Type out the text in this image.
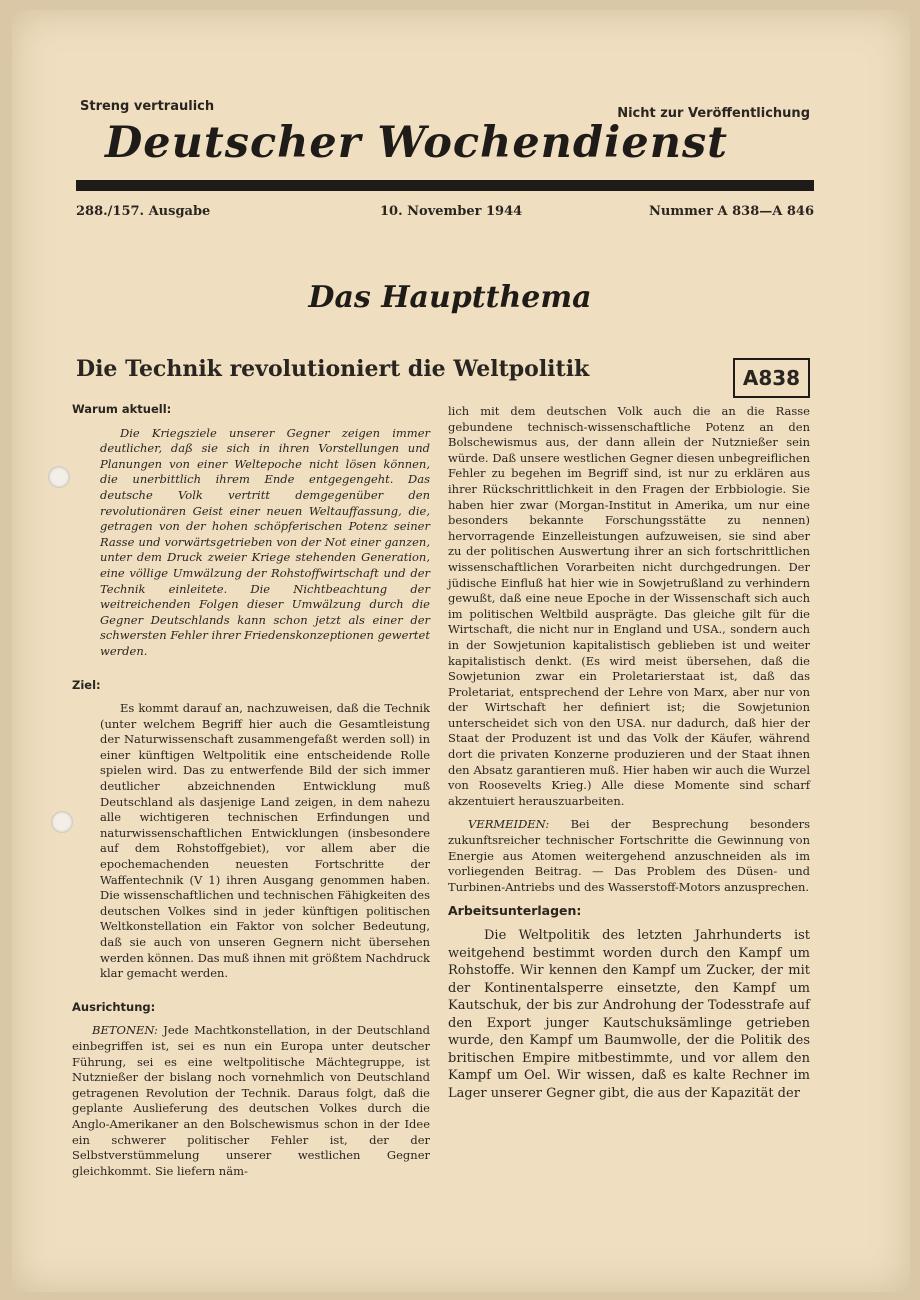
Streng vertraulich	Nicht zur Veröffentlichung
Deutscher Wochendienst
288./157. Ausgabe	10. November 1944	Nummer A 838—A 846
Das Hauptthema
Die Technik revolutioniert die Weltpolitik	A838
Warum aktuell:
Die Kriegsziele unserer Gegner zeigen immer deutlicher, daß sie sich in ihren Vorstellungen und Planungen von einer Weltepoche nicht lösen können, die unerbittlich ihrem Ende entgegengeht. Das deutsche Volk vertritt demgegenüber den revolutionären Geist einer neuen Weltauffassung, die, getragen von der hohen schöpferischen Potenz seiner Rasse und vorwärtsgetrieben von der Not einer ganzen, unter dem Druck zweier Kriege stehenden Generation, eine völlige Umwälzung der Rohstoffwirtschaft und der Technik einleitete. Die Nichtbeachtung der weitreichenden Folgen dieser Umwälzung durch die Gegner Deutschlands kann schon jetzt als einer der schwersten Fehler ihrer Friedenskonzeptionen gewertet werden.
Ziel:
Es kommt darauf an, nachzuweisen, daß die Technik (unter welchem Begriff hier auch die Gesamtleistung der Naturwissenschaft zusammengefaßt werden soll) in einer künftigen Weltpolitik eine entscheidende Rolle spielen wird. Das zu entwerfende Bild der sich immer deutlicher abzeichnenden Entwicklung muß Deutschland als dasjenige Land zeigen, in dem nahezu alle wichtigeren technischen Erfindungen und naturwissenschaftlichen Entwicklungen (insbesondere auf dem Rohstoffgebiet), vor allem aber die epochemachenden neuesten Fortschritte der Waffentechnik (V 1) ihren Ausgang genommen haben. Die wissenschaftlichen und technischen Fähigkeiten des deutschen Volkes sind in jeder künftigen politischen Weltkonstellation ein Faktor von solcher Bedeutung, daß sie auch von unseren Gegnern nicht übersehen werden können. Das muß ihnen mit größtem Nachdruck klar gemacht werden.
Ausrichtung:
BETONEN: Jede Machtkonstellation, in der Deutschland einbegriffen ist, sei es nun ein Europa unter deutscher Führung, sei es eine weltpolitische Mächtegruppe, ist Nutznießer der bislang noch vornehmlich von Deutschland getragenen Revolution der Technik. Daraus folgt, daß die geplante Auslieferung des deutschen Volkes durch die Anglo-Amerikaner an den Bolschewismus schon in der Idee ein schwerer politischer Fehler ist, der der Selbstverstümmelung unserer westlichen Gegner gleichkommt. Sie liefern näm-
lich mit dem deutschen Volk auch die an die Rasse gebundene technisch-wissenschaftliche Potenz an den Bolschewismus aus, der dann allein der Nutznießer sein würde. Daß unsere westlichen Gegner diesen unbegreiflichen Fehler zu begehen im Begriff sind, ist nur zu erklären aus ihrer Rückschrittlichkeit in den Fragen der Erbbiologie. Sie haben hier zwar (Morgan-Institut in Amerika, um nur eine besonders bekannte Forschungsstätte zu nennen) hervorragende Einzelleistungen aufzuweisen, sie sind aber zu der politischen Auswertung ihrer an sich fortschrittlichen wissenschaftlichen Vorarbeiten nicht durchgedrungen. Der jüdische Einfluß hat hier wie in Sowjetrußland zu verhindern gewußt, daß eine neue Epoche in der Wissenschaft sich auch im politischen Weltbild ausprägte. Das gleiche gilt für die Wirtschaft, die nicht nur in England und USA., sondern auch in der Sowjetunion kapitalistisch geblieben ist und weiter kapitalistisch denkt. (Es wird meist übersehen, daß die Sowjetunion zwar ein Proletarierstaat ist, daß das Proletariat, entsprechend der Lehre von Marx, aber nur von der Wirtschaft her definiert ist; die Sowjetunion unterscheidet sich von den USA. nur dadurch, daß hier der Staat der Produzent ist und das Volk der Käufer, während dort die privaten Konzerne produzieren und der Staat ihnen den Absatz garantieren muß. Hier haben wir auch die Wurzel von Roosevelts Krieg.) Alle diese Momente sind scharf akzentuiert herauszuarbeiten.
VERMEIDEN: Bei der Besprechung besonders zukunftsreicher technischer Fortschritte die Gewinnung von Energie aus Atomen weitergehend anzuschneiden als im vorliegenden Beitrag. — Das Problem des Düsen- und Turbinen-Antriebs und des Wasserstoff-Motors anzusprechen.
Arbeitsunterlagen:
Die Weltpolitik des letzten Jahrhunderts ist weitgehend bestimmt worden durch den Kampf um Rohstoffe. Wir kennen den Kampf um Zucker, der mit der Kontinentalsperre einsetzte, den Kampf um Kautschuk, der bis zur Androhung der Todesstrafe auf den Export junger Kautschuksämlinge getrieben wurde, den Kampf um Baumwolle, der die Politik des britischen Empire mitbestimmte, und vor allem den Kampf um Oel. Wir wissen, daß es kalte Rechner im Lager unserer Gegner gibt, die aus der Kapazität der
